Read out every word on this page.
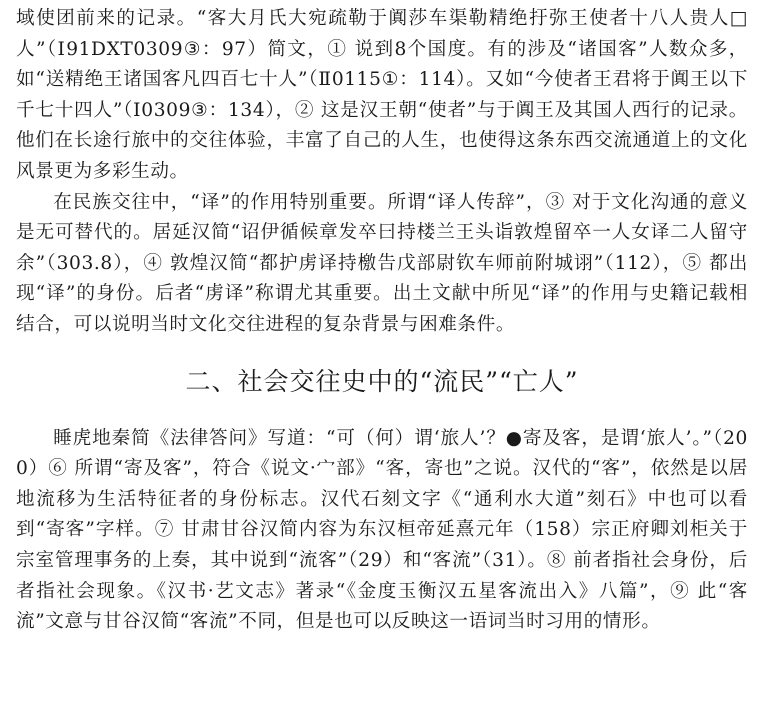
域使团前来的记录。“客大月氏大宛疏勒于阗莎车渠勒精绝扜弥王使者十八人贵人□人”（Ⅰ91DXT0309③：97）简文，① 说到8个国度。有的涉及“诸国客”人数众多，如“送精绝王诸国客凡四百七十人”（Ⅱ0115①：114）。又如“今使者王君将于阗王以下千七十四人”（Ⅰ0309③：134），② 这是汉王朝“使者”与于阗王及其国人西行的记录。他们在长途行旅中的交往体验，丰富了自己的人生，也使得这条东西交流通道上的文化风景更为多彩生动。

在民族交往中，“译”的作用特别重要。所谓“译人传辞”，③ 对于文化沟通的意义是无可替代的。居延汉简“诏伊循候章发卒曰持楼兰王头诣敦煌留卒一人女译二人留守余”（303.8），④ 敦煌汉简“都护虏译持檄告戊部尉钦车师前附城诩”（112），⑤ 都出现“译”的身份。后者“虏译”称谓尤其重要。出土文献中所见“译”的作用与史籍记载相结合，可以说明当时文化交往进程的复杂背景与困难条件。

二、社会交往史中的“流民”“亡人”

睡虎地秦简《法律答问》写道：“可（何）谓‘旅人’？●寄及客，是谓‘旅人’。”（200）⑥ 所谓“寄及客”，符合《说文·宀部》“客，寄也”之说。汉代的“客”，依然是以居地流移为生活特征者的身份标志。汉代石刻文字《“通利水大道”刻石》中也可以看到“寄客”字样。⑦ 甘肃甘谷汉简内容为东汉桓帝延熹元年（158）宗正府卿刘柜关于宗室管理事务的上奏，其中说到“流客”（29）和“客流”（31）。⑧ 前者指社会身份，后者指社会现象。《汉书·艺文志》著录“《金度玉衡汉五星客流出入》八篇”，⑨ 此“客流”文意与甘谷汉简“客流”不同，但是也可以反映这一语词当时习用的情形。
